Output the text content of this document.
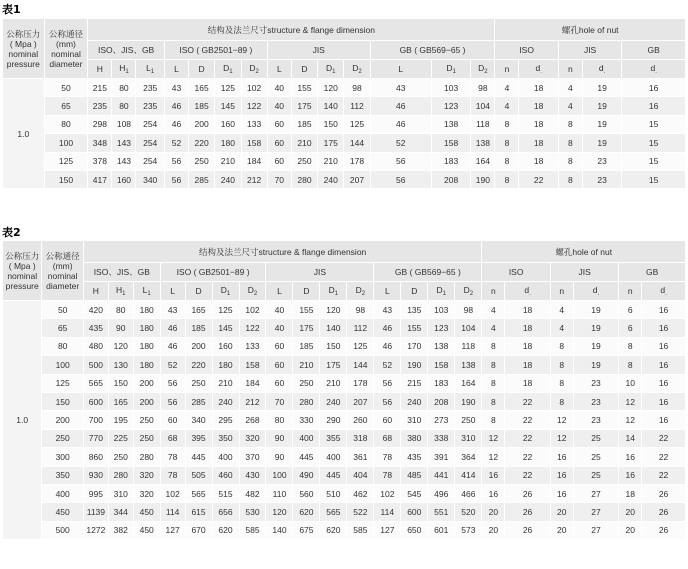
表1
公称压力
( Mpa )
nominal
pressure	公称通径
(mm)
nominal
diameter	结构及法兰尺寸structure & flange dimension														螺孔hole of nut				
		ISO、JIS、GB			ISO ( GB2501−89 )				JIS				GB ( GB569−65 )			ISO		JIS		GB
		H	$H_1$	$L_1$	L	D	$D_1$	$D_2$	L	D	$D_1$	$D_2$	L	$D_1$	$D_2$	n	$d_.$	n	$d_.$	$d_.$
1.0	50	215	80	235	43	165	125	102	40	155	120	98	43	103	98	4	18	4	19	16
	65	235	80	235	46	185	145	122	40	175	140	112	46	123	104	4	18	4	19	16
	80	298	108	254	46	200	160	133	60	185	150	125	46	138	118	8	18	8	19	15
	100	348	143	254	52	220	180	158	60	210	175	144	52	158	138	8	18	8	19	15
	125	378	143	254	56	250	210	184	60	250	210	178	56	183	164	8	18	8	23	15
	150	417	160	340	56	285	240	212	70	280	240	207	56	208	190	8	22	8	23	15
表2
公称压力
( Mpa )
nominal
pressure	公称通径
(mm)
nominal
diameter	结构及法兰尺寸structure & flange dimension															螺孔hole of nut					
		ISO、JIS、GB			ISO ( GB2501−89 )				JIS				GB ( GB569−65 )				ISO		JIS		GB	
		H	$H_1$	$L_1$	L	D	$D_1$	$D_2$	L	D	$D_1$	$D_2$	L	D	$D_1$	$D_2$	n	$d_.$	n	$d_.$	n	$d_.$
1.0	50	420	80	180	43	165	125	102	40	155	120	98	43	135	103	98	4	18	4	19	6	16
	65	435	90	180	46	185	145	122	40	175	140	112	46	155	123	104	4	18	4	19	6	16
	80	480	120	180	46	200	160	133	60	185	150	125	46	170	138	118	8	18	8	19	8	16
	100	500	130	180	52	220	180	158	60	210	175	144	52	190	158	138	8	18	8	19	8	16
	125	565	150	200	56	250	210	184	60	250	210	178	56	215	183	164	8	18	8	23	10	16
	150	600	165	200	56	285	240	212	70	280	240	207	56	240	208	190	8	22	8	23	12	16
	200	700	195	250	60	340	295	268	80	330	290	260	60	310	273	250	8	22	12	23	12	16
	250	770	225	250	68	395	350	320	90	400	355	318	68	380	338	310	12	22	12	25	14	22
	300	860	250	280	78	445	400	370	90	445	400	361	78	435	391	364	12	22	16	25	16	22
	350	930	280	320	78	505	460	430	100	490	445	404	78	485	441	414	16	22	16	25	16	22
	400	995	310	320	102	565	515	482	110	560	510	462	102	545	496	466	16	26	16	27	18	26
	450	1139	344	450	114	615	656	530	120	620	565	522	114	600	551	520	20	26	20	27	20	26
	500	1272	382	450	127	670	620	585	140	675	620	585	127	650	601	573	20	26	20	27	20	26
